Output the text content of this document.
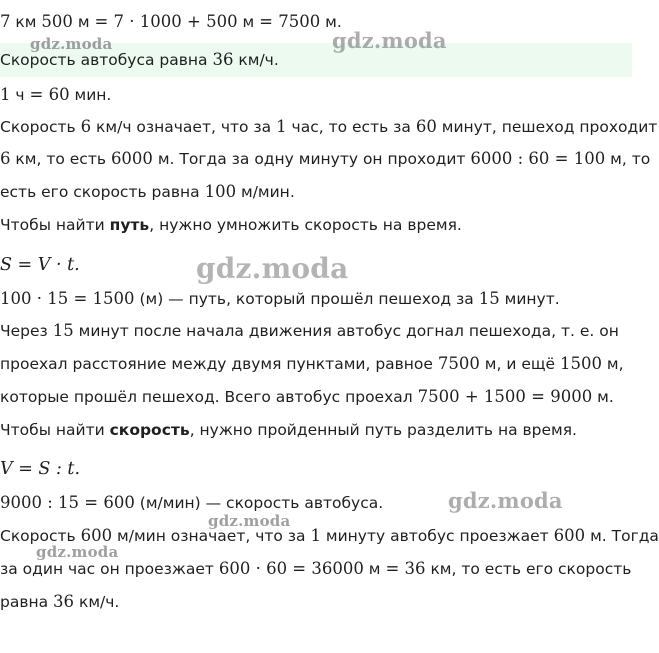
7 км 500 м = 7 · 1000 + 500 м = 7500 м.
Скорость автобуса равна 36 км/ч.
1 ч = 60 мин.
Скорость 6 км/ч означает, что за 1 час, то есть за 60 минут, пешеход проходит
6 км, то есть 6000 м. Тогда за одну минуту он проходит 6000 : 60 = 100 м, то
есть его скорость равна 100 м/мин.
Чтобы найти путь, нужно умножить скорость на время.
S = V · t.
100 · 15 = 1500 (м) — путь, который прошёл пешеход за 15 минут.
Через 15 минут после начала движения автобус догнал пешехода, т. е. он
проехал расстояние между двумя пунктами, равное 7500 м, и ещё 1500 м,
которые прошёл пешеход. Всего автобус проехал 7500 + 1500 = 9000 м.
Чтобы найти скорость, нужно пройденный путь разделить на время.
V = S : t.
9000 : 15 = 600 (м/мин) — скорость автобуса.
Скорость 600 м/мин означает, что за 1 минуту автобус проезжает 600 м. Тогда
за один час он проезжает 600 · 60 = 36000 м = 36 км, то есть его скорость
равна 36 км/ч.
gdz.moda	gdz.moda
gdz.moda
gdz.moda
gdz.moda
gdz.moda
